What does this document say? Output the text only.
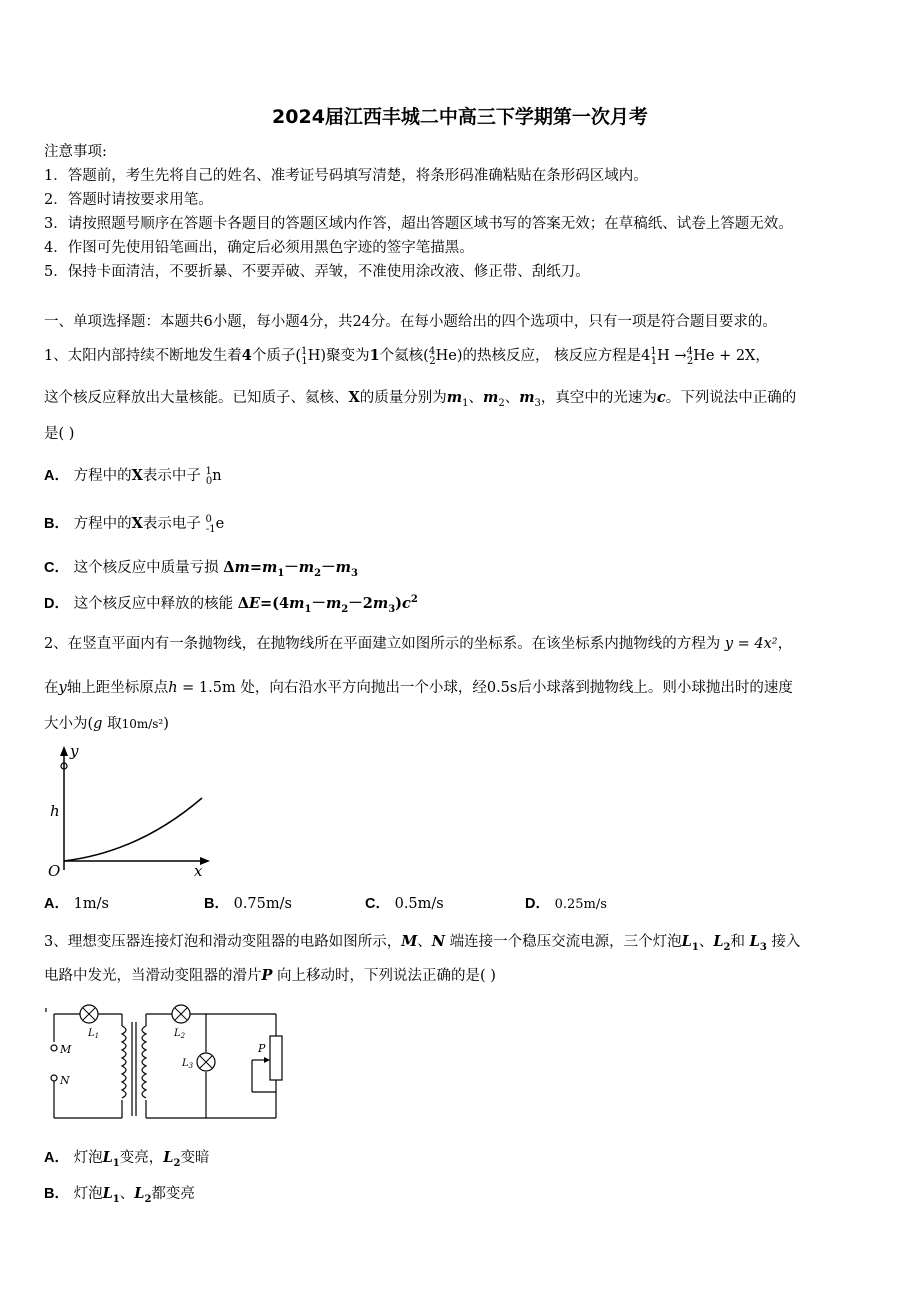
2024届江西丰城二中高三下学期第一次月考
注意事项:
1．答题前，考生先将自己的姓名、准考证号码填写清楚，将条形码准确粘贴在条形码区域内。
2．答题时请按要求用笔。
3．请按照题号顺序在答题卡各题目的答题区域内作答，超出答题区域书写的答案无效；在草稿纸、试卷上答题无效。
4．作图可先使用铅笔画出，确定后必须用黑色字迹的签字笔描黑。
5．保持卡面清洁，不要折暴、不要弄破、弄皱，不准使用涂改液、修正带、刮纸刀。
一、单项选择题：本题共6小题，每小题4分，共24分。在每小题给出的四个选项中，只有一项是符合题目要求的。
1、太阳内部持续不断地发生着4个质子($^1_1$H)聚变为1个氦核($^4_2$He)的热核反应， 核反应方程是$4^1_1H \to^4_2He + 2X$，
这个核反应释放出大量核能。已知质子、氦核、X的质量分别为$m_1$、$m_2$、$m_3$，真空中的光速为c。下列说法中正确的
是( )
A． 方程中的X表示中子 $^1_0$n
B． 方程中的X表示电子 $^0_{-1}$e
C． 这个核反应中质量亏损 $\Delta m=m_1-m_2-m_3$
D． 这个核反应中释放的核能 $\Delta E=(4m_1-m_2-2m_3)c^2$
2、在竖直平面内有一条抛物线，在抛物线所在平面建立如图所示的坐标系。在该坐标系内抛物线的方程为 y = 4x²，
在y轴上距坐标原点h = 1.5m 处，向右沿水平方向抛出一个小球，经0.5s后小球落到抛物线上。则小球抛出时的速度
大小为(g 取10m/s²)
y
h
O	x
A． 1m/s	B． 0.75m/s	C． 0.5m/s	D． 0.25m/s
3、理想变压器连接灯泡和滑动变阻器的电路如图所示，M、N 端连接一个稳压交流电源，三个灯泡$L_1$、$L_2$和 $L_3$ 接入
电路中发光，当滑动变阻器的滑片P 向上移动时，下列说法正确的是( )
M
N
$L_1$	$L_2$
$L_3$
P
A． 灯泡$L_1$变亮，$L_2$变暗
B． 灯泡$L_1$、$L_2$都变亮
